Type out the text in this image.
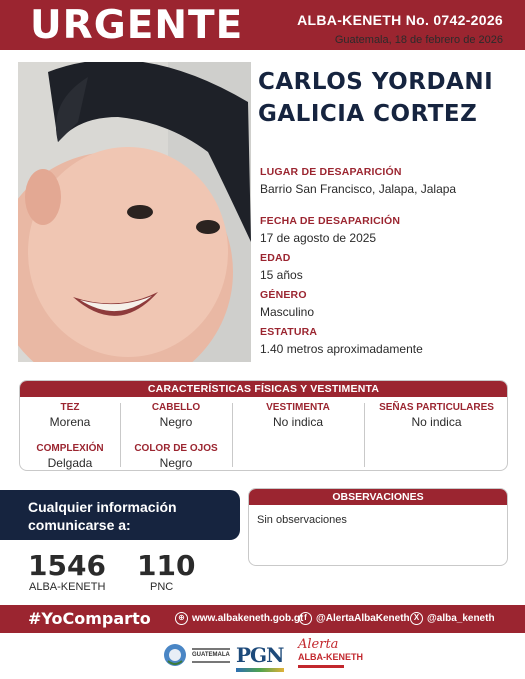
URGENTE	ALBA-KENETH No. 0742-2026
Guatemala, 18 de febrero de 2026
CARLOS YORDANI
GALICIA CORTEZ
LUGAR DE DESAPARICIÓN
Barrio San Francisco, Jalapa, Jalapa
FECHA DE DESAPARICIÓN
17 de agosto de 2025
EDAD
15 años
GÉNERO
Masculino
ESTATURA
1.40 metros aproximadamente
CARACTERÍSTICAS FÍSICAS Y VESTIMENTA
TEZ
Morena
CABELLO
Negro
VESTIMENTA
No indica
SEÑAS PARTICULARES
No indica
COMPLEXIÓN
Delgada
COLOR DE OJOS
Negro
Cualquier información
comunicarse a:
1546
ALBA-KENETH
110
PNC
OBSERVACIONES
Sin observaciones
#YoComparto	⊕ www.albakeneth.gob.gt f @AlertaAlbaKeneth X @alba_keneth
GUATEMALA PGN Alerta
ALBA-KENETH
